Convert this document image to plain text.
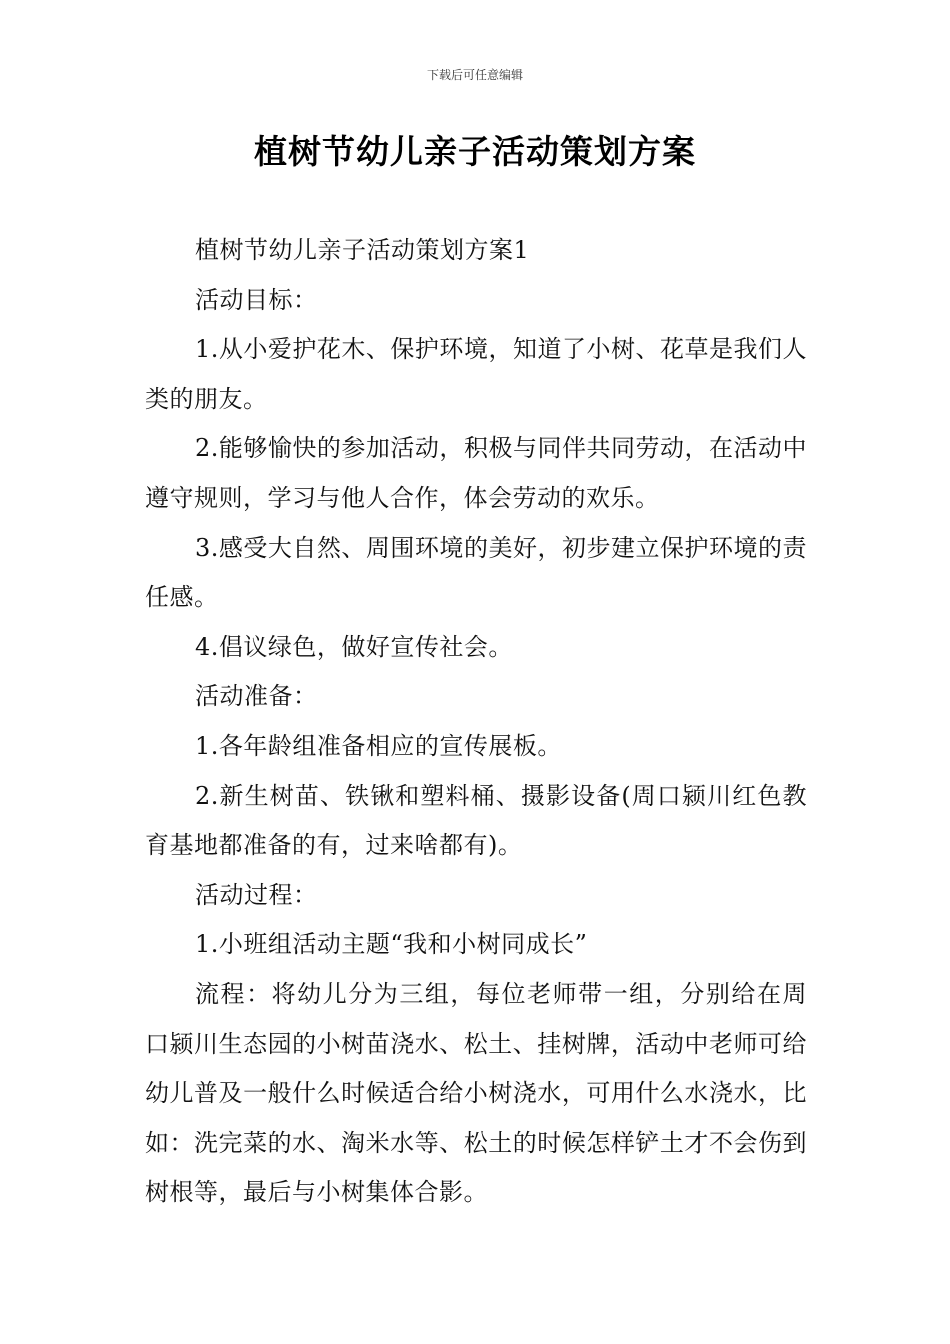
下载后可任意编辑
植树节幼儿亲子活动策划方案

植树节幼儿亲子活动策划方案1

活动目标：

1.从小爱护花木、保护环境，知道了小树、花草是我们人类的朋友。

2.能够愉快的参加活动，积极与同伴共同劳动，在活动中遵守规则，学习与他人合作，体会劳动的欢乐。

3.感受大自然、周围环境的美好，初步建立保护环境的责任感。

4.倡议绿色，做好宣传社会。

活动准备：

1.各年龄组准备相应的宣传展板。

2.新生树苗、铁锹和塑料桶、摄影设备(周口颍川红色教育基地都准备的有，过来啥都有)。

活动过程：

1.小班组活动主题“我和小树同成长”

流程：将幼儿分为三组，每位老师带一组，分别给在周口颍川生态园的小树苗浇水、松土、挂树牌，活动中老师可给幼儿普及一般什么时候适合给小树浇水，可用什么水浇水，比如：洗完菜的水、淘米水等、松土的时候怎样铲土才不会伤到树根等，最后与小树集体合影。
